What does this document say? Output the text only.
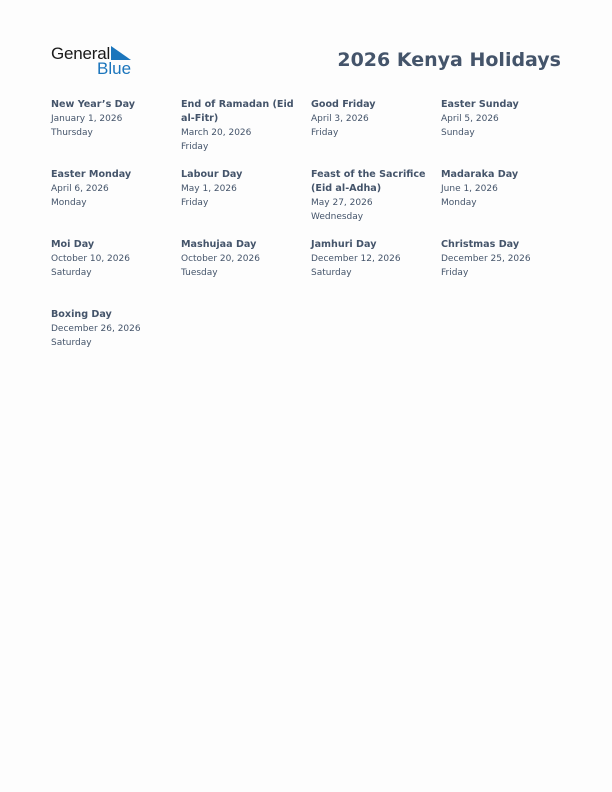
General
Blue	2026 Kenya Holidays
New Year’s Day
January 1, 2026
Thursday
End of Ramadan (Eid al-Fitr)
March 20, 2026
Friday
Good Friday
April 3, 2026
Friday
Easter Sunday
April 5, 2026
Sunday
Easter Monday
April 6, 2026
Monday
Labour Day
May 1, 2026
Friday
Feast of the Sacrifice (Eid al-Adha)
May 27, 2026
Wednesday
Madaraka Day
June 1, 2026
Monday
Moi Day
October 10, 2026
Saturday
Mashujaa Day
October 20, 2026
Tuesday
Jamhuri Day
December 12, 2026
Saturday
Christmas Day
December 25, 2026
Friday
Boxing Day
December 26, 2026
Saturday
